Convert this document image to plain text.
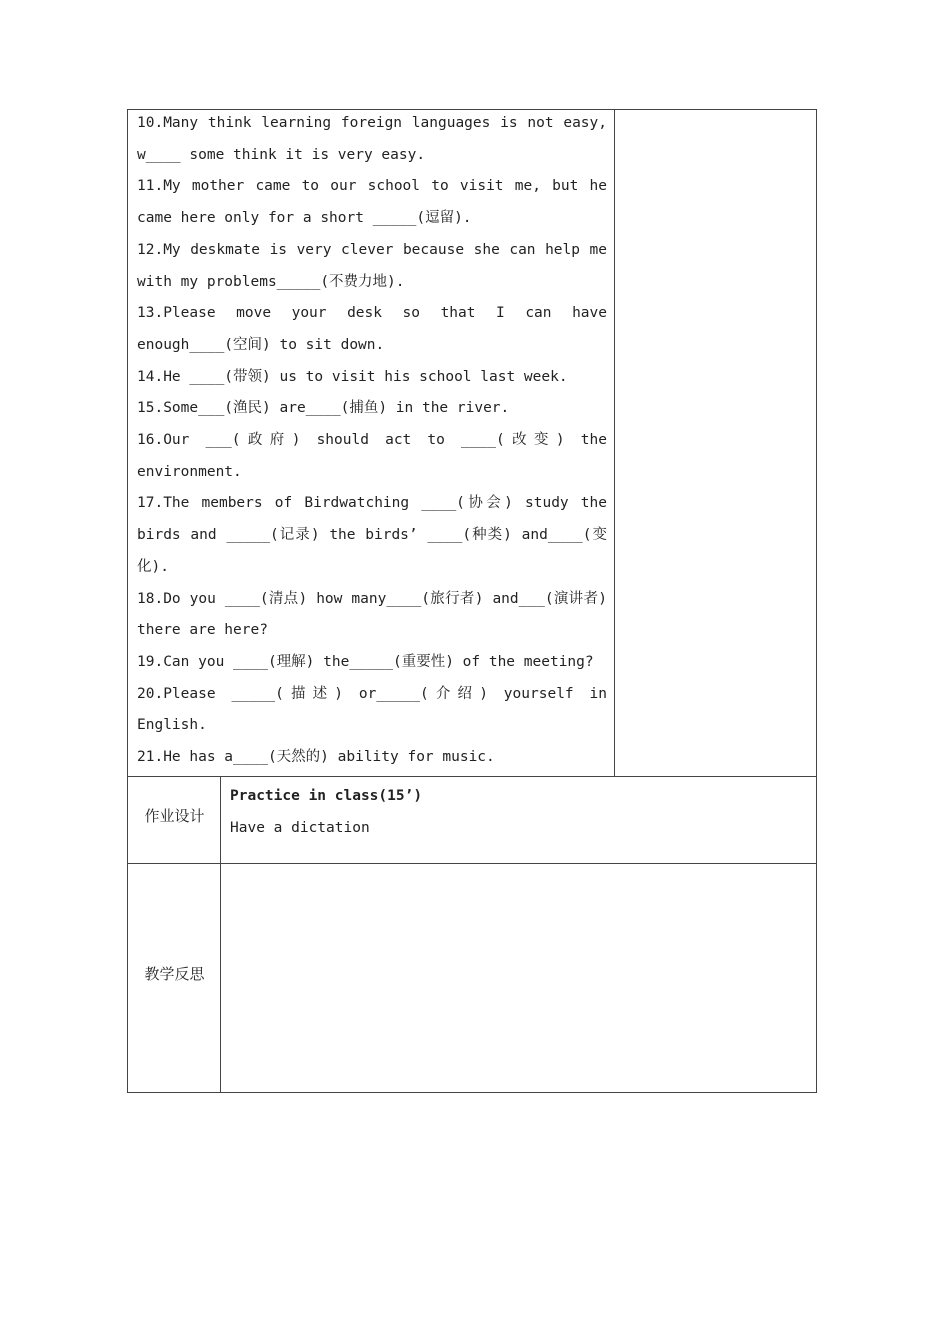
10.Many think learning foreign languages is not easy, w____ some think it is very easy.
11.My mother came to our school to visit me, but he came here only for a short _____(逗留).
12.My deskmate is very clever because she can help me with my problems_____(不费力地).
13.Please move your desk so that I can have enough____(空间) to sit down.
14.He ____(带领) us to visit his school last week.
15.Some___(渔民) are____(捕鱼) in the river.
16.Our ___(政府) should act to ____(改变) the environment.
17.The members of Birdwatching ____(协会) study the birds and _____(记录) the birds’ ____(种类) and____(变化).
18.Do you ____(清点) how many____(旅行者) and___(演讲者) there are here?
19.Can you ____(理解) the_____(重要性) of the meeting?
20.Please _____(描述) or_____(介绍) yourself in English.
21.He has a____(天然的) ability for music.
作业设计
Practice in class(15’)
Have a dictation
教学反思
